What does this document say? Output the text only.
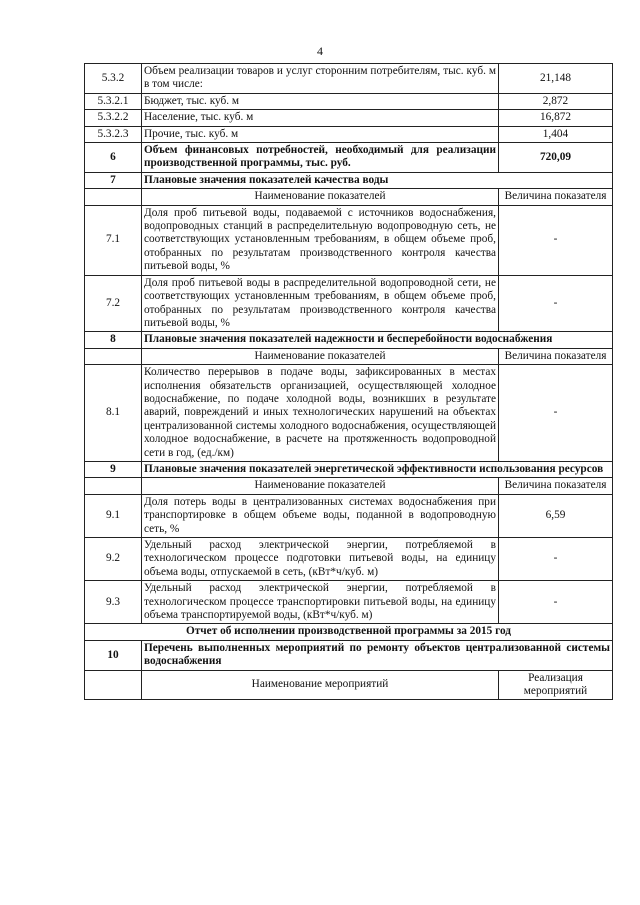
4
5.3.2	Объем реализации товаров и услуг сторонним потребителям, тыс. куб. м в том числе:	21,148
5.3.2.1	Бюджет, тыс. куб. м	2,872
5.3.2.2	Население, тыс. куб. м	16,872
5.3.2.3	Прочие, тыс. куб. м	1,404
6	Объем финансовых потребностей, необходимый для реализации производственной программы, тыс. руб.	720,09
7	Плановые значения показателей качества воды	
	Наименование показателей	Величина показателя
7.1	Доля проб питьевой воды, подаваемой с источников водоснабжения, водопроводных станций в распределительную водопроводную сеть, не соответствующих установленным требованиям, в общем объеме проб, отобранных по результатам производственного контроля качества питьевой воды, %	-
7.2	Доля проб питьевой воды в распределительной водопроводной сети, не соответствующих установленным требованиям, в общем объеме проб, отобранных по результатам производственного контроля качества питьевой воды, %	-
8	Плановые значения показателей надежности и бесперебойности водоснабжения	
	Наименование показателей	Величина показателя
8.1	Количество перерывов в подаче воды, зафиксированных в местах исполнения обязательств организацией, осуществляющей холодное водоснабжение, по подаче холодной воды, возникших в результате аварий, повреждений и иных технологических нарушений на объектах централизованной системы холодного водоснабжения, осуществляющей холодное водоснабжение, в расчете на протяженность водопроводной сети в год, (ед./км)	-
9	Плановые значения показателей энергетической эффективности использования ресурсов	
	Наименование показателей	Величина показателя
9.1	Доля потерь воды в централизованных системах водоснабжения при транспортировке в общем объеме воды, поданной в водопроводную сеть, %	6,59
9.2	Удельный расход электрической энергии, потребляемой в технологическом процессе подготовки питьевой воды, на единицу объема воды, отпускаемой в сеть, (кВт*ч/куб. м)	-
9.3	Удельный расход электрической энергии, потребляемой в технологическом процессе транспортировки питьевой воды, на единицу объема транспортируемой воды, (кВт*ч/куб. м)	-
Отчет об исполнении производственной программы за 2015 год		
10	Перечень выполненных мероприятий по ремонту объектов централизованной системы водоснабжения	
	Наименование мероприятий	Реализация мероприятий
